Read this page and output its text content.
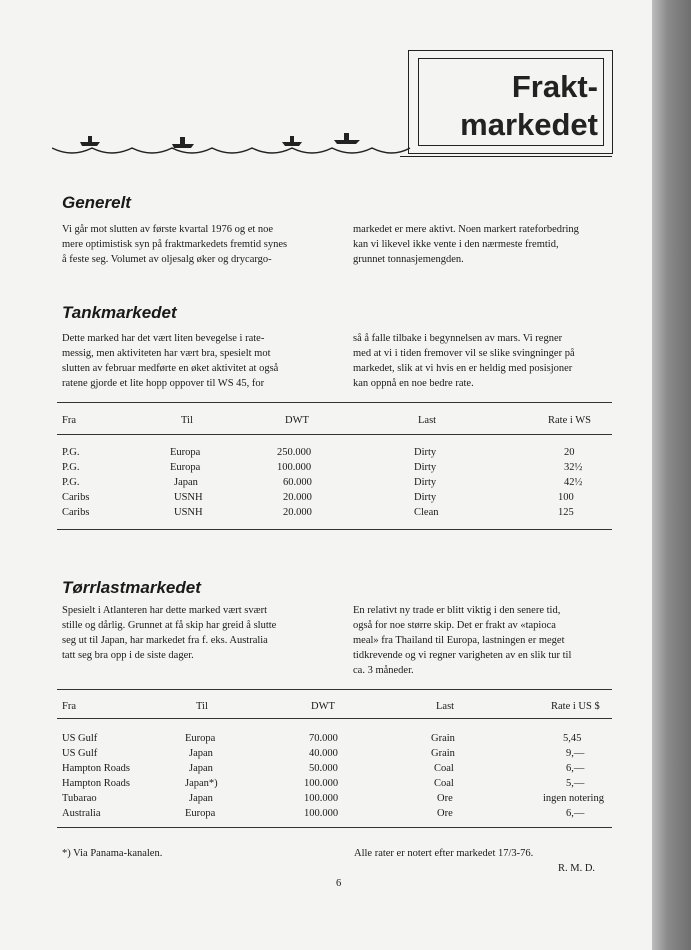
Frakt-
markedet
Generelt
Vi går mot slutten av første kvartal 1976 og et noe
mere optimistisk syn på fraktmarkedets fremtid synes
å feste seg. Volumet av oljesalg øker og drycargo-
markedet er mere aktivt. Noen markert rateforbedring
kan vi likevel ikke vente i den nærmeste fremtid,
grunnet tonnasjemengden.
Tankmarkedet
Dette marked har det vært liten bevegelse i rate-
messig, men aktiviteten har vært bra, spesielt mot
slutten av februar medførte en øket aktivitet at også
ratene gjorde et lite hopp oppover til WS 45, for
så å falle tilbake i begynnelsen av mars. Vi regner
med at vi i tiden fremover vil se slike svingninger på
markedet, slik at vi hvis en er heldig med posisjoner
kan oppnå en noe bedre rate.
Fra	Til	DWT	Last	Rate i WS
P.G.	Europa	250.000	Dirty	20
P.G.	Europa	100.000	Dirty	32½
P.G.	Japan	60.000	Dirty	42½
Caribs	USNH	20.000	Dirty	100
Caribs	USNH	20.000	Clean	125
Tørrlastmarkedet
Spesielt i Atlanteren har dette marked vært svært
stille og dårlig. Grunnet at få skip har greid å slutte
seg ut til Japan, har markedet fra f. eks. Australia
tatt seg bra opp i de siste dager.
En relativt ny trade er blitt viktig i den senere tid,
også for noe større skip. Det er frakt av «tapioca
meal» fra Thailand til Europa, lastningen er meget
tidkrevende og vi regner varigheten av en slik tur til
ca. 3 måneder.
Fra	Til	DWT	Last	Rate i US $
US Gulf	Europa	70.000	Grain	5,45
US Gulf	Japan	40.000	Grain	9,—
Hampton Roads	Japan	50.000	Coal	6,—
Hampton Roads	Japan*)	100.000	Coal	5,—
Tubarao	Japan	100.000	Ore	ingen notering
Australia	Europa	100.000	Ore	6,—
*) Via Panama-kanalen.	Alle rater er notert efter markedet 17/3-76.
R. M. D.
6
